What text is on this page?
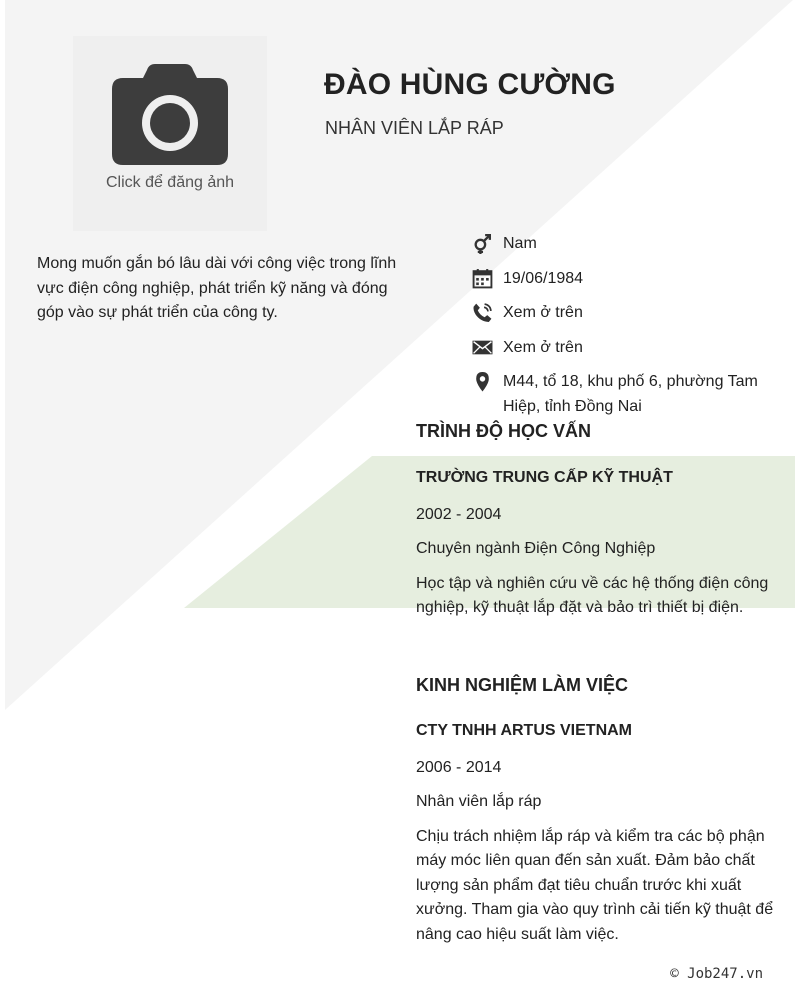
Click để đăng ảnh
ĐÀO HÙNG CƯỜNG
NHÂN VIÊN LẮP RÁP
Mong muốn gắn bó lâu dài với công việc trong lĩnh vực điện công nghiệp, phát triển kỹ năng và đóng góp vào sự phát triển của công ty.
Nam
19/06/1984
Xem ở trên
Xem ở trên
M44, tổ 18, khu phố 6, phường Tam Hiệp, tỉnh Đồng Nai
TRÌNH ĐỘ HỌC VẤN
TRƯỜNG TRUNG CẤP KỸ THUẬT
2002 - 2004
Chuyên ngành Điện Công Nghiệp
Học tập và nghiên cứu về các hệ thống điện công nghiệp, kỹ thuật lắp đặt và bảo trì thiết bị điện.
KINH NGHIỆM LÀM VIỆC
CTY TNHH ARTUS VIETNAM
2006 - 2014
Nhân viên lắp ráp
Chịu trách nhiệm lắp ráp và kiểm tra các bộ phận máy móc liên quan đến sản xuất. Đảm bảo chất lượng sản phẩm đạt tiêu chuẩn trước khi xuất xưởng. Tham gia vào quy trình cải tiến kỹ thuật để nâng cao hiệu suất làm việc.
© Job247.vn
